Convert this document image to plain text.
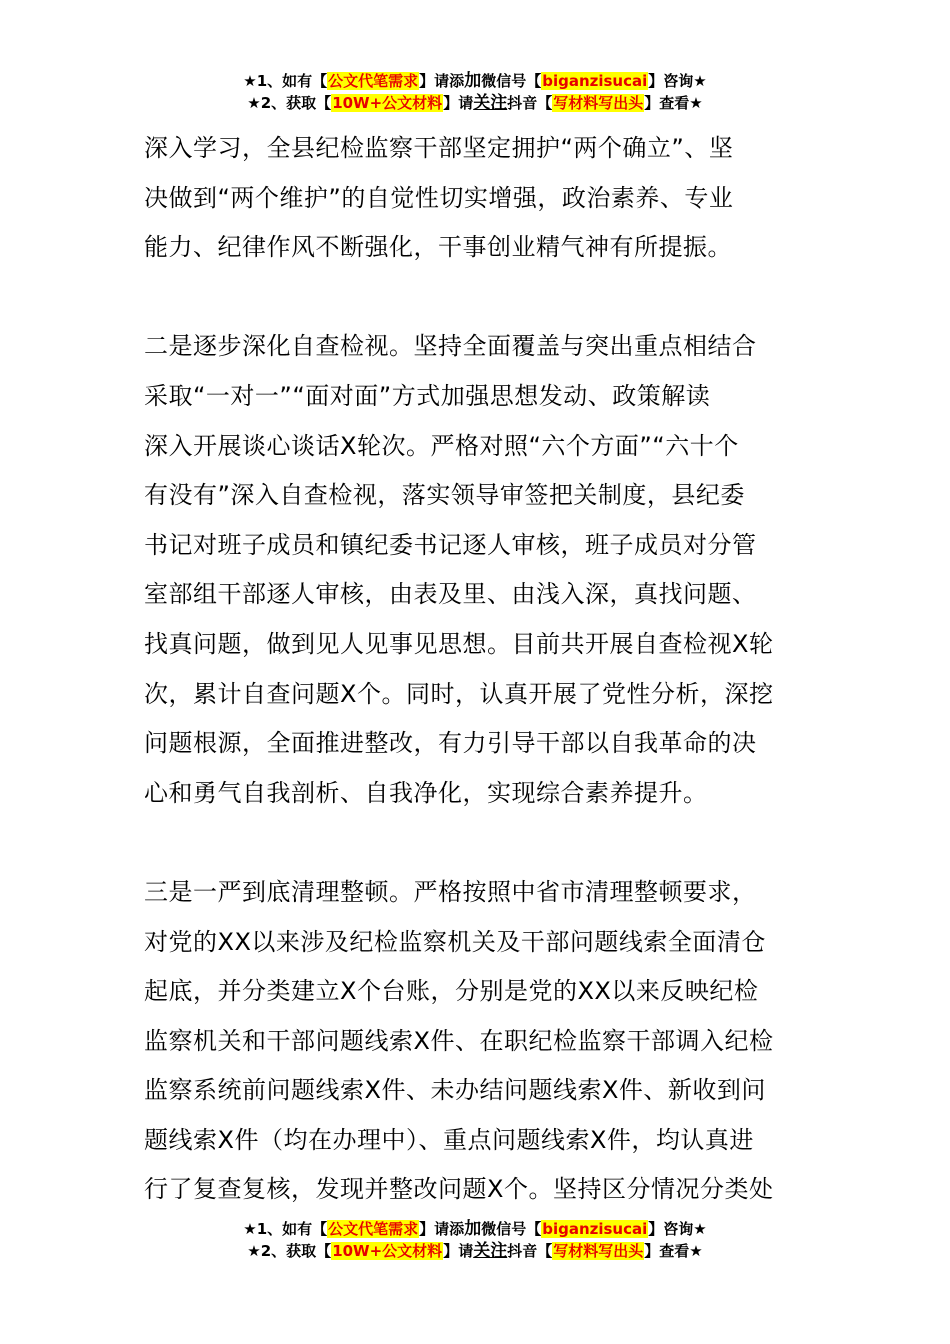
★1、如有【公文代笔需求】请添加微信号【biganzisucai】咨询★
★2、获取【10W+公文材料】请关注抖音【写材料写出头】查看★
深入学习，全县纪检监察干部坚定拥护“两个确立”、坚
决做到“两个维护”的自觉性切实增强，政治素养、专业
能力、纪律作风不断强化，干事创业精气神有所提振。
二是逐步深化自查检视。坚持全面覆盖与突出重点相结合
采取“一对一”“面对面”方式加强思想发动、政策解读
深入开展谈心谈话X轮次。严格对照“六个方面”“六十个
有没有”深入自查检视，落实领导审签把关制度，县纪委
书记对班子成员和镇纪委书记逐人审核，班子成员对分管
室部组干部逐人审核，由表及里、由浅入深，真找问题、
找真问题，做到见人见事见思想。目前共开展自查检视X轮
次，累计自查问题X个。同时，认真开展了党性分析，深挖
问题根源，全面推进整改，有力引导干部以自我革命的决
心和勇气自我剖析、自我净化，实现综合素养提升。
三是一严到底清理整顿。严格按照中省市清理整顿要求，
对党的XX以来涉及纪检监察机关及干部问题线索全面清仓
起底，并分类建立X个台账，分别是党的XX以来反映纪检
监察机关和干部问题线索X件、在职纪检监察干部调入纪检
监察系统前问题线索X件、未办结问题线索X件、新收到问
题线索X件（均在办理中）、重点问题线索X件，均认真进
行了复查复核，发现并整改问题X个。坚持区分情况分类处
★1、如有【公文代笔需求】请添加微信号【biganzisucai】咨询★
★2、获取【10W+公文材料】请关注抖音【写材料写出头】查看★
